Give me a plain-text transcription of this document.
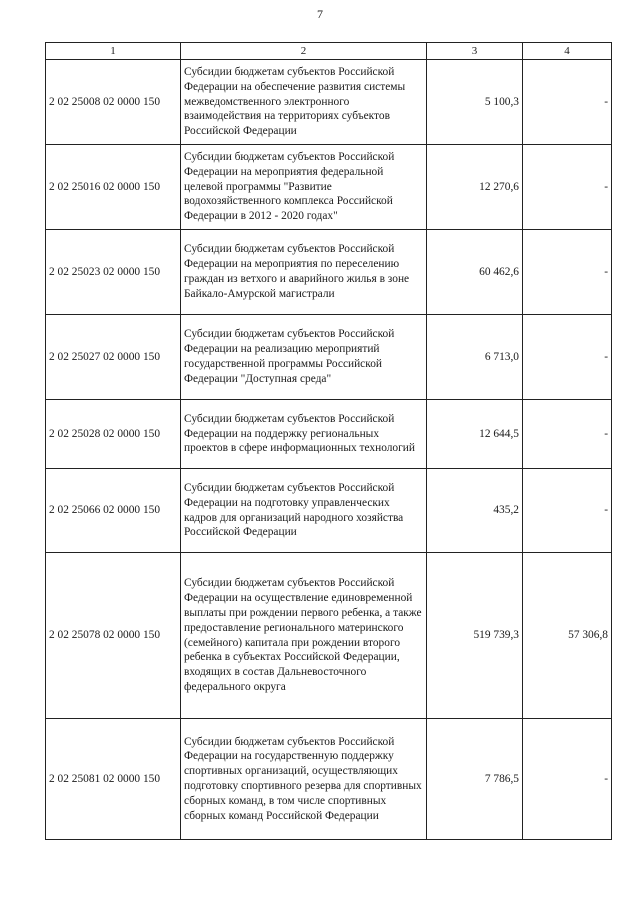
7
1	2	3	4
2 02 25008 02 0000 150	Субсидии бюджетам субъектов Российской Федерации на обеспечение развития системы межведомственного электронного взаимодействия на территориях субъектов Российской Федерации	5 100,3	-
2 02 25016 02 0000 150	Субсидии бюджетам субъектов Российской Федерации на мероприятия федеральной целевой программы "Развитие водохозяйственного комплекса Российской Федерации в 2012 - 2020 годах"	12 270,6	-
2 02 25023 02 0000 150	Субсидии бюджетам субъектов Российской Федерации на мероприятия по переселению граждан из ветхого и аварийного жилья в зоне Байкало-Амурской магистрали	60 462,6	-
2 02 25027 02 0000 150	Субсидии бюджетам субъектов Российской Федерации на реализацию мероприятий государственной программы Российской Федерации "Доступная среда"	6 713,0	-
2 02 25028 02 0000 150	Субсидии бюджетам субъектов Российской Федерации на поддержку региональных проектов в сфере информационных технологий	12 644,5	-
2 02 25066 02 0000 150	Субсидии бюджетам субъектов Российской Федерации на подготовку управленческих кадров для организаций народного хозяйства Российской Федерации	435,2	-
2 02 25078 02 0000 150	Субсидии бюджетам субъектов Российской Федерации на осуществление единовременной выплаты при рождении первого ребенка, а также предоставление регионального материнского (семейного) капитала при рождении второго ребенка в субъектах Российской Федерации, входящих в состав Дальневосточного федерального округа	519 739,3	57 306,8
2 02 25081 02 0000 150	Субсидии бюджетам субъектов Российской Федерации на государственную поддержку спортивных организаций, осуществляющих подготовку спортивного резерва для спортивных сборных команд, в том числе спортивных сборных команд Российской Федерации	7 786,5	-
